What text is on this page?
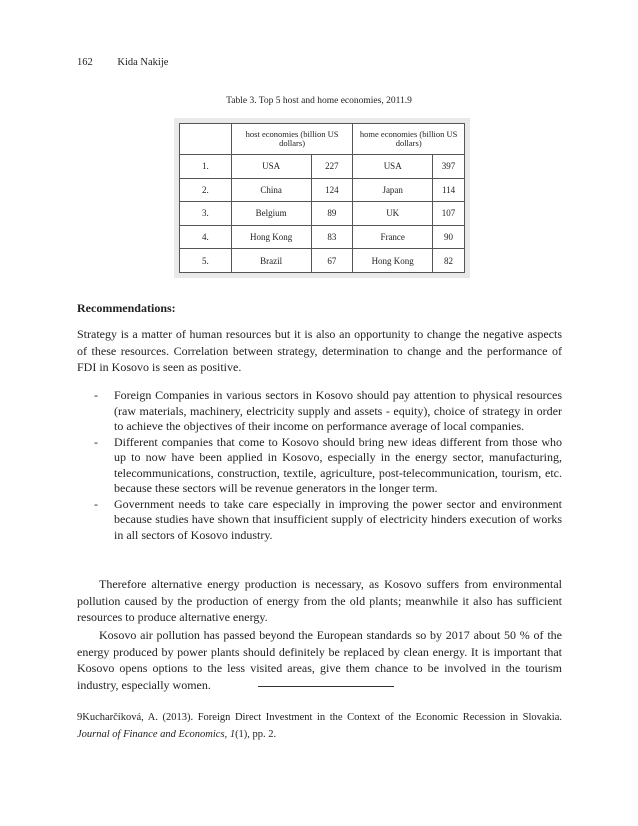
162 Kida Nakije
Table 3. Top 5 host and home economies, 2011.9
	host economies (billion US dollars)		home economies (billion US dollars)	
1.	USA	227	USA	397
2.	China	124	Japan	114
3.	Belgium	89	UK	107
4.	Hong Kong	83	France	90
5.	Brazil	67	Hong Kong	82
Recommendations:
Strategy is a matter of human resources but it is also an opportunity to change the negative aspects of these resources. Correlation between strategy, determination to change and the performance of FDI in Kosovo is seen as positive.
- Foreign Companies in various sectors in Kosovo should pay attention to physical resources (raw materials, machinery, electricity supply and assets - equity), choice of strategy in order to achieve the objectives of their income on performance average of local companies.
- Different companies that come to Kosovo should bring new ideas different from those who up to now have been applied in Kosovo, especially in the energy sector, manufacturing, telecommunications, construction, textile, agriculture, post-telecommunication, tourism, etc. because these sectors will be revenue generators in the longer term.
- Government needs to take care especially in improving the power sector and environment because studies have shown that insufficient supply of electricity hinders execution of works in all sectors of Kosovo industry.
Therefore alternative energy production is necessary, as Kosovo suffers from environmental pollution caused by the production of energy from the old plants; meanwhile it also has sufficient resources to produce alternative energy.
Kosovo air pollution has passed beyond the European standards so by 2017 about 50 % of the energy produced by power plants should definitely be replaced by clean energy. It is important that Kosovo opens options to the less visited areas, give them chance to be involved in the tourism industry, especially women.
9Kucharčíková, A. (2013). Foreign Direct Investment in the Context of the Economic Recession in Slovakia. Journal of Finance and Economics, 1(1), pp. 2.
